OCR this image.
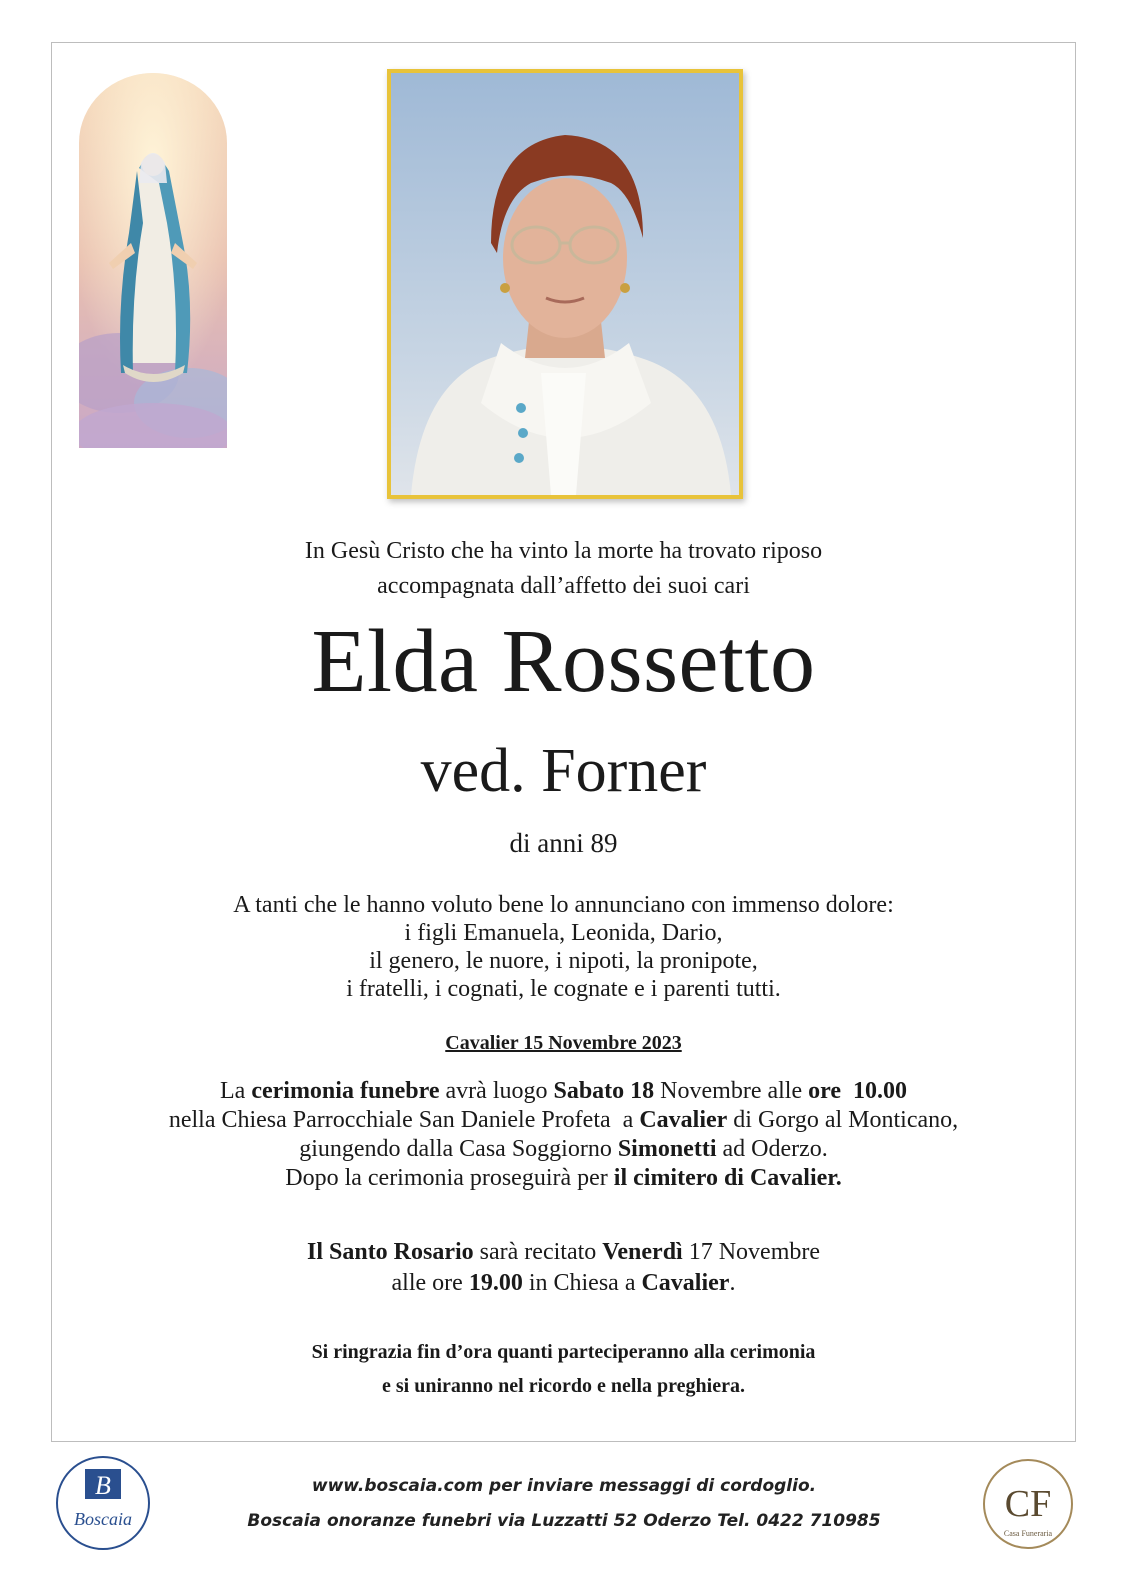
In Gesù Cristo che ha vinto la morte ha trovato riposo
accompagnata dall’affetto dei suoi cari
Elda Rossetto
ved. Forner
di anni 89
A tanti che le hanno voluto bene lo annunciano con immenso dolore:
i figli Emanuela, Leonida, Dario,
il genero, le nuore, i nipoti, la pronipote,
i fratelli, i cognati, le cognate e i parenti tutti.
Cavalier 15 Novembre 2023
La cerimonia funebre avrà luogo Sabato 18 Novembre alle ore  10.00
nella Chiesa Parrocchiale San Daniele Profeta  a Cavalier di Gorgo al Monticano,
giungendo dalla Casa Soggiorno Simonetti ad Oderzo.
Dopo la cerimonia proseguirà per il cimitero di Cavalier.
Il Santo Rosario sarà recitato Venerdì 17 Novembre
alle ore 19.00 in Chiesa a Cavalier.
Si ringrazia fin d’ora quanti parteciperanno alla cerimonia
e si uniranno nel ricordo e nella preghiera.
www.boscaia.com per inviare messaggi di cordoglio.
Boscaia onoranze funebri via Luzzatti 52 Oderzo Tel. 0422 710985
B
Boscaia	CF
Casa Funeraria
